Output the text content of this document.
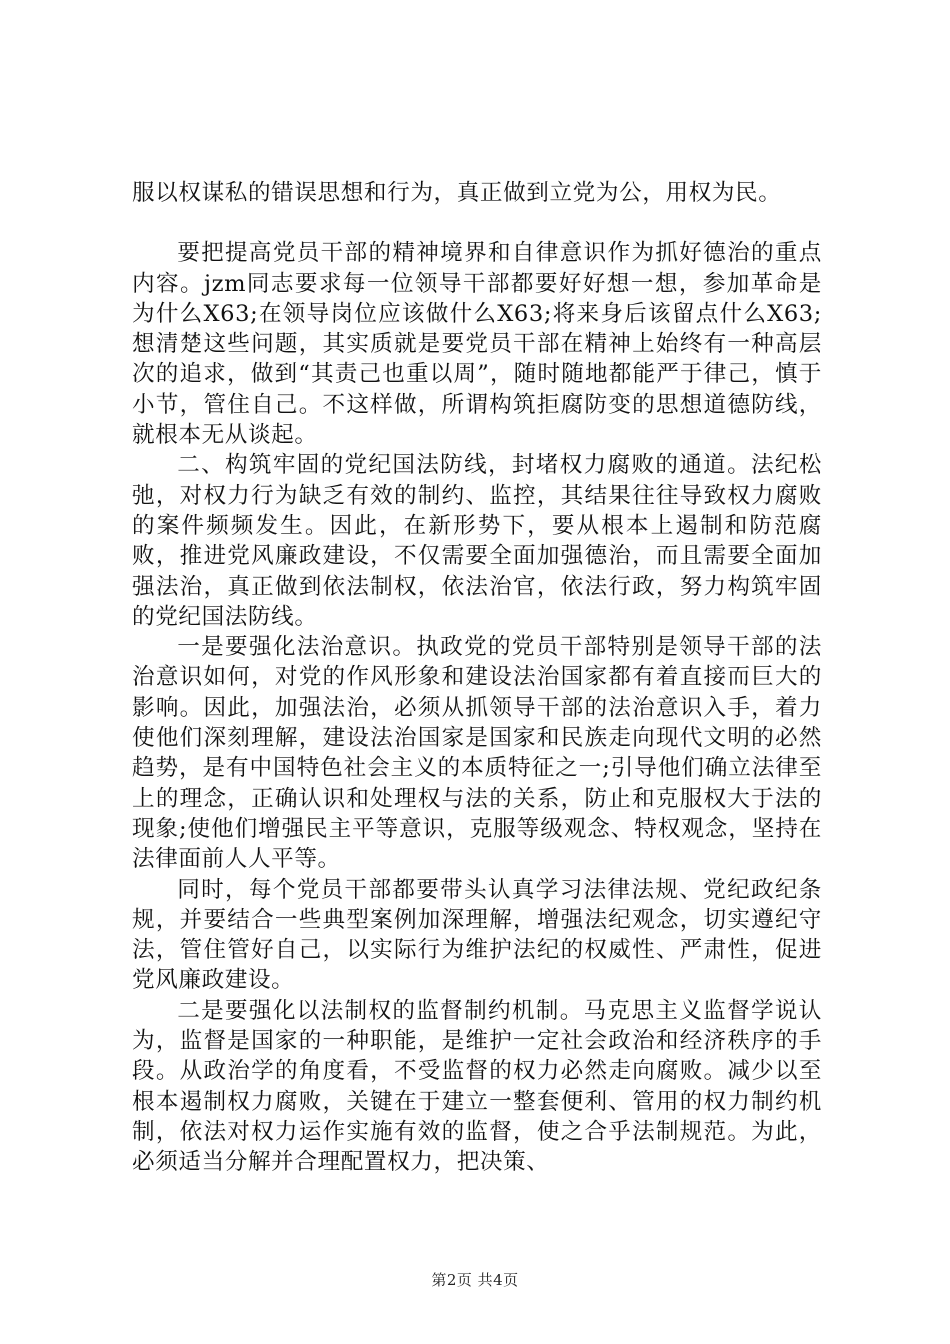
服以权谋私的错误思想和行为，真正做到立党为公，用权为民。

要把提高党员干部的精神境界和自律意识作为抓好德治的重点内容。jzm同志要求每一位领导干部都要好好想一想，参加革命是为什么X63;在领导岗位应该做什么X63;将来身后该留点什么X63;想清楚这些问题，其实质就是要党员干部在精神上始终有一种高层次的追求，做到“其责己也重以周”，随时随地都能严于律己，慎于小节，管住自己。不这样做，所谓构筑拒腐防变的思想道德防线，就根本无从谈起。

二、构筑牢固的党纪国法防线，封堵权力腐败的通道。法纪松弛，对权力行为缺乏有效的制约、监控，其结果往往导致权力腐败的案件频频发生。因此，在新形势下，要从根本上遏制和防范腐败，推进党风廉政建设，不仅需要全面加强德治，而且需要全面加强法治，真正做到依法制权，依法治官，依法行政，努力构筑牢固的党纪国法防线。

一是要强化法治意识。执政党的党员干部特别是领导干部的法治意识如何，对党的作风形象和建设法治国家都有着直接而巨大的影响。因此，加强法治，必须从抓领导干部的法治意识入手，着力使他们深刻理解，建设法治国家是国家和民族走向现代文明的必然趋势，是有中国特色社会主义的本质特征之一;引导他们确立法律至上的理念，正确认识和处理权与法的关系，防止和克服权大于法的现象;使他们增强民主平等意识，克服等级观念、特权观念，坚持在法律面前人人平等。

同时，每个党员干部都要带头认真学习法律法规、党纪政纪条规，并要结合一些典型案例加深理解，增强法纪观念，切实遵纪守法，管住管好自己，以实际行为维护法纪的权威性、严肃性，促进党风廉政建设。

二是要强化以法制权的监督制约机制。马克思主义监督学说认为，监督是国家的一种职能，是维护一定社会政治和经济秩序的手段。从政治学的角度看，不受监督的权力必然走向腐败。减少以至根本遏制权力腐败，关键在于建立一整套便利、管用的权力制约机制，依法对权力运作实施有效的监督，使之合乎法制规范。为此，必须适当分解并合理配置权力，把决策、

第2页 共4页
